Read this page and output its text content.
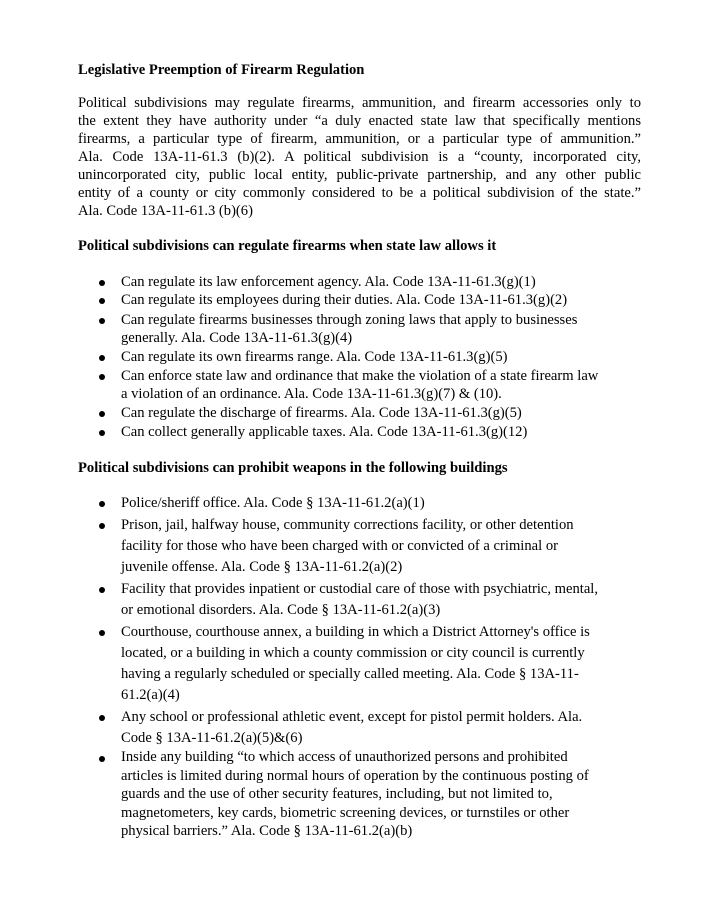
Legislative Preemption of Firearm Regulation
Political subdivisions may regulate firearms, ammunition, and firearm accessories only to
the extent they have authority under “a duly enacted state law that specifically mentions
firearms, a particular type of firearm, ammunition, or a particular type of ammunition.”
Ala. Code 13A-11-61.3 (b)(2). A political subdivision is a “county, incorporated city,
unincorporated city, public local entity, public-private partnership, and any other public
entity of a county or city commonly considered to be a political subdivision of the state.”
Ala. Code 13A-11-61.3 (b)(6)
Political subdivisions can regulate firearms when state law allows it
Can regulate its law enforcement agency. Ala. Code 13A-11-61.3(g)(1)
Can regulate its employees during their duties. Ala. Code 13A-11-61.3(g)(2)
Can regulate firearms businesses through zoning laws that apply to businesses
generally. Ala. Code 13A-11-61.3(g)(4)
Can regulate its own firearms range. Ala. Code 13A-11-61.3(g)(5)
Can enforce state law and ordinance that make the violation of a state firearm law
a violation of an ordinance. Ala. Code 13A-11-61.3(g)(7) & (10).
Can regulate the discharge of firearms. Ala. Code 13A-11-61.3(g)(5)
Can collect generally applicable taxes. Ala. Code 13A-11-61.3(g)(12)
Political subdivisions can prohibit weapons in the following buildings
Police/sheriff office. Ala. Code § 13A-11-61.2(a)(1)
Prison, jail, halfway house, community corrections facility, or other detention
facility for those who have been charged with or convicted of a criminal or
juvenile offense. Ala. Code § 13A-11-61.2(a)(2)
Facility that provides inpatient or custodial care of those with psychiatric, mental,
or emotional disorders. Ala. Code § 13A-11-61.2(a)(3)
Courthouse, courthouse annex, a building in which a District Attorney's office is
located, or a building in which a county commission or city council is currently
having a regularly scheduled or specially called meeting. Ala. Code § 13A-11-
61.2(a)(4)
Any school or professional athletic event, except for pistol permit holders. Ala.
Code § 13A-11-61.2(a)(5)&(6)
Inside any building “to which access of unauthorized persons and prohibited
articles is limited during normal hours of operation by the continuous posting of
guards and the use of other security features, including, but not limited to,
magnetometers, key cards, biometric screening devices, or turnstiles or other
physical barriers.” Ala. Code § 13A-11-61.2(a)(b)
